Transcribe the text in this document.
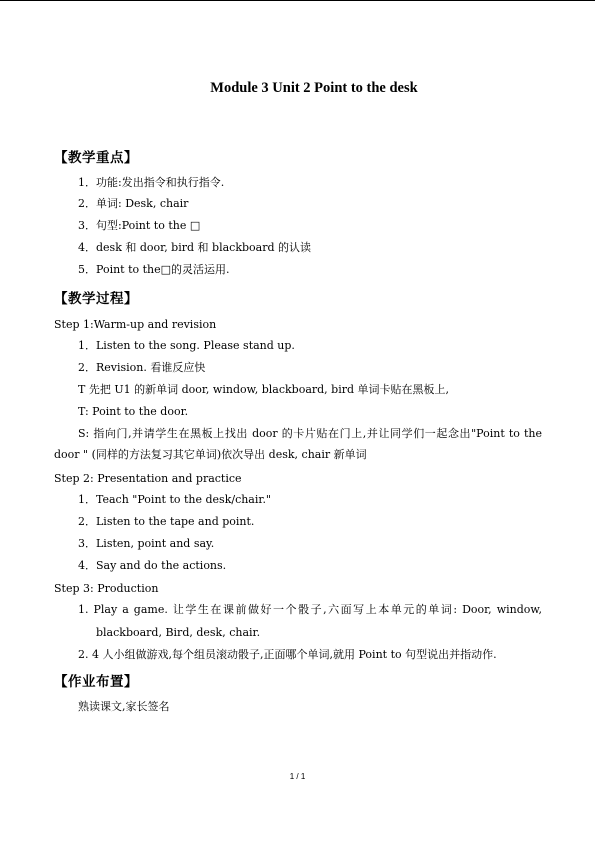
Module 3 Unit 2 Point to the desk
【教学重点】
1．功能:发出指令和执行指令.
2．单词: Desk, chair
3．句型:Point to the □
4．desk 和 door, bird 和 blackboard 的认读
5．Point to the□的灵活运用.
【教学过程】
Step 1:Warm-up and revision
1．Listen to the song. Please stand up.
2．Revision. 看谁反应快
T 先把 U1 的新单词 door, window, blackboard, bird 单词卡贴在黑板上,
T: Point to the door.
S: 指向门,并请学生在黑板上找出 door 的卡片贴在门上,并让同学们一起念出"Point to the
door " (同样的方法复习其它单词)依次导出 desk, chair 新单词
Step 2: Presentation and practice
1．Teach "Point to the desk/chair."
2．Listen to the tape and point.
3．Listen, point and say.
4．Say and do the actions.
Step 3: Production
1. Play a game. 让学生在课前做好一个骰子,六面写上本单元的单词: Door, window,
blackboard, Bird, desk, chair.
2. 4 人小组做游戏,每个组员滚动骰子,正面哪个单词,就用 Point to 句型说出并指动作.
【作业布置】
熟读课文,家长签名
1 / 1
